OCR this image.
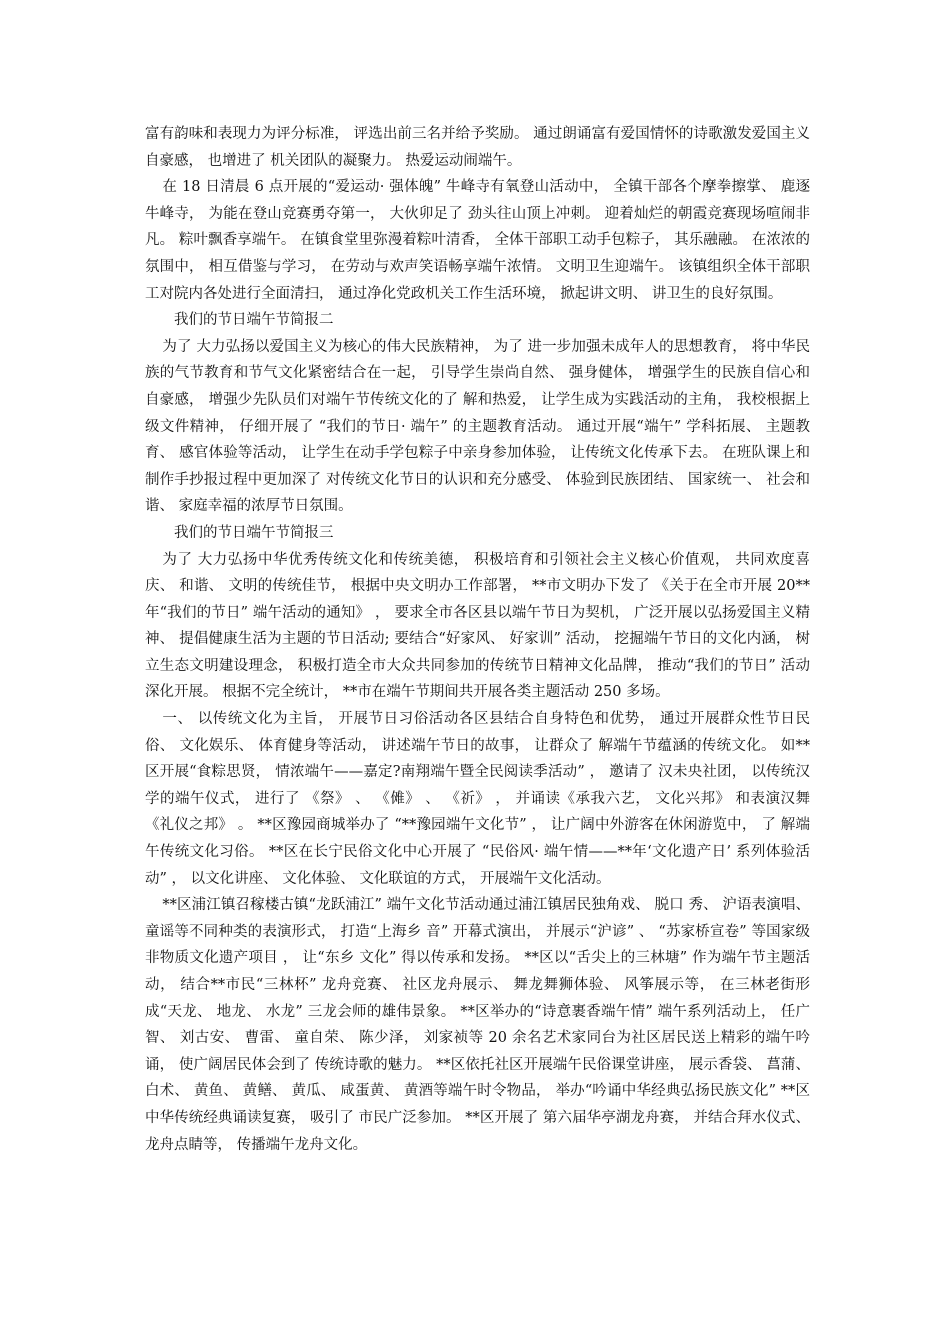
富有韵味和表现力为评分标准， 评选出前三名并给予奖励。 通过朗诵富有爱国情怀的诗歌激发爱国主义自豪感， 也增进了 机关团队的凝聚力。 热爱运动闹端午。

在 18 日清晨 6 点开展的“爱运动· 强体魄” 牛峰寺有氧登山活动中， 全镇干部各个摩拳擦掌、 鹿逐牛峰寺， 为能在登山竞赛勇夺第一， 大伙卯足了 劲头往山顶上冲刺。 迎着灿烂的朝霞竞赛现场喧闹非凡。 粽叶飘香享端午。 在镇食堂里弥漫着粽叶清香， 全体干部职工动手包粽子， 其乐融融。 在浓浓的氛围中， 相互借鉴与学习， 在劳动与欢声笑语畅享端午浓情。 文明卫生迎端午。 该镇组织全体干部职工对院内各处进行全面清扫， 通过净化党政机关工作生活环境， 掀起讲文明、 讲卫生的良好氛围。

我们的节日端午节简报二

为了 大力弘扬以爱国主义为核心的伟大民族精神， 为了 进一步加强未成年人的思想教育， 将中华民族的气节教育和节气文化紧密结合在一起， 引导学生崇尚自然、 强身健体， 增强学生的民族自信心和自豪感， 增强少先队员们对端午节传统文化的了 解和热爱， 让学生成为实践活动的主角， 我校根据上级文件精神， 仔细开展了 “我们的节日· 端午” 的主题教育活动。 通过开展“端午” 学科拓展、 主题教育、 感官体验等活动， 让学生在动手学包粽子中亲身参加体验， 让传统文化传承下去。 在班队课上和制作手抄报过程中更加深了 对传统文化节日的认识和充分感受、 体验到民族团结、 国家统一、 社会和谐、 家庭幸福的浓厚节日氛围。

我们的节日端午节简报三

为了 大力弘扬中华优秀传统文化和传统美德， 积极培育和引领社会主义核心价值观， 共同欢度喜庆、 和谐、 文明的传统佳节， 根据中央文明办工作部署， **市文明办下发了 《关于在全市开展 20**年“我们的节日” 端午活动的通知》 ， 要求全市各区县以端午节日为契机， 广泛开展以弘扬爱国主义精神、 提倡健康生活为主题的节日活动; 要结合“好家风、 好家训” 活动， 挖掘端午节日的文化内涵， 树立生态文明建设理念， 积极打造全市大众共同参加的传统节日精神文化品牌， 推动“我们的节日” 活动深化开展。 根据不完全统计， **市在端午节期间共开展各类主题活动 250 多场。

一、 以传统文化为主旨， 开展节日习俗活动各区县结合自身特色和优势， 通过开展群众性节日民俗、 文化娱乐、 体育健身等活动， 讲述端午节日的故事， 让群众了 解端午节蕴涵的传统文化。 如**区开展“食粽思贤， 情浓端午——嘉定?南翔端午暨全民阅读季活动” ， 邀请了 汉未央社团， 以传统汉学的端午仪式， 进行了 《祭》 、 《傩》 、 《祈》 ， 并诵读《承我六艺， 文化兴邦》 和表演汉舞《礼仪之邦》 。 **区豫园商城举办了 “**豫园端午文化节” ， 让广阔中外游客在休闲游览中， 了 解端午传统文化习俗。 **区在长宁民俗文化中心开展了 “民俗风· 端午情——**年‘文化遗产日’ 系列体验活动” ， 以文化讲座、 文化体验、 文化联谊的方式， 开展端午文化活动。

**区浦江镇召稼楼古镇“龙跃浦江” 端午文化节活动通过浦江镇居民独角戏、 脱口 秀、 沪语表演唱、 童谣等不同种类的表演形式， 打造“上海乡 音” 开幕式演出， 并展示“沪谚” 、 “苏家桥宣卷” 等国家级非物质文化遗产项目 ， 让“东乡 文化” 得以传承和发扬。 **区以“舌尖上的三林塘” 作为端午节主题活动， 结合**市民“三林杯” 龙舟竞赛、 社区龙舟展示、 舞龙舞狮体验、 风筝展示等， 在三林老街形成“天龙、 地龙、 水龙” 三龙会师的雄伟景象。 **区举办的“诗意裹香端午情” 端午系列活动上， 任广智、 刘古安、 曹雷、 童自荣、 陈少泽， 刘家祯等 20 余名艺术家同台为社区居民送上精彩的端午吟诵， 使广阔居民体会到了 传统诗歌的魅力。 **区依托社区开展端午民俗课堂讲座， 展示香袋、 菖蒲、 白术、 黄鱼、 黄鳝、 黄瓜、 咸蛋黄、 黄酒等端午时令物品， 举办“吟诵中华经典弘扬民族文化” **区中华传统经典诵读复赛， 吸引了 市民广泛参加。 **区开展了 第六届华亭湖龙舟赛， 并结合拜水仪式、 龙舟点睛等， 传播端午龙舟文化。
